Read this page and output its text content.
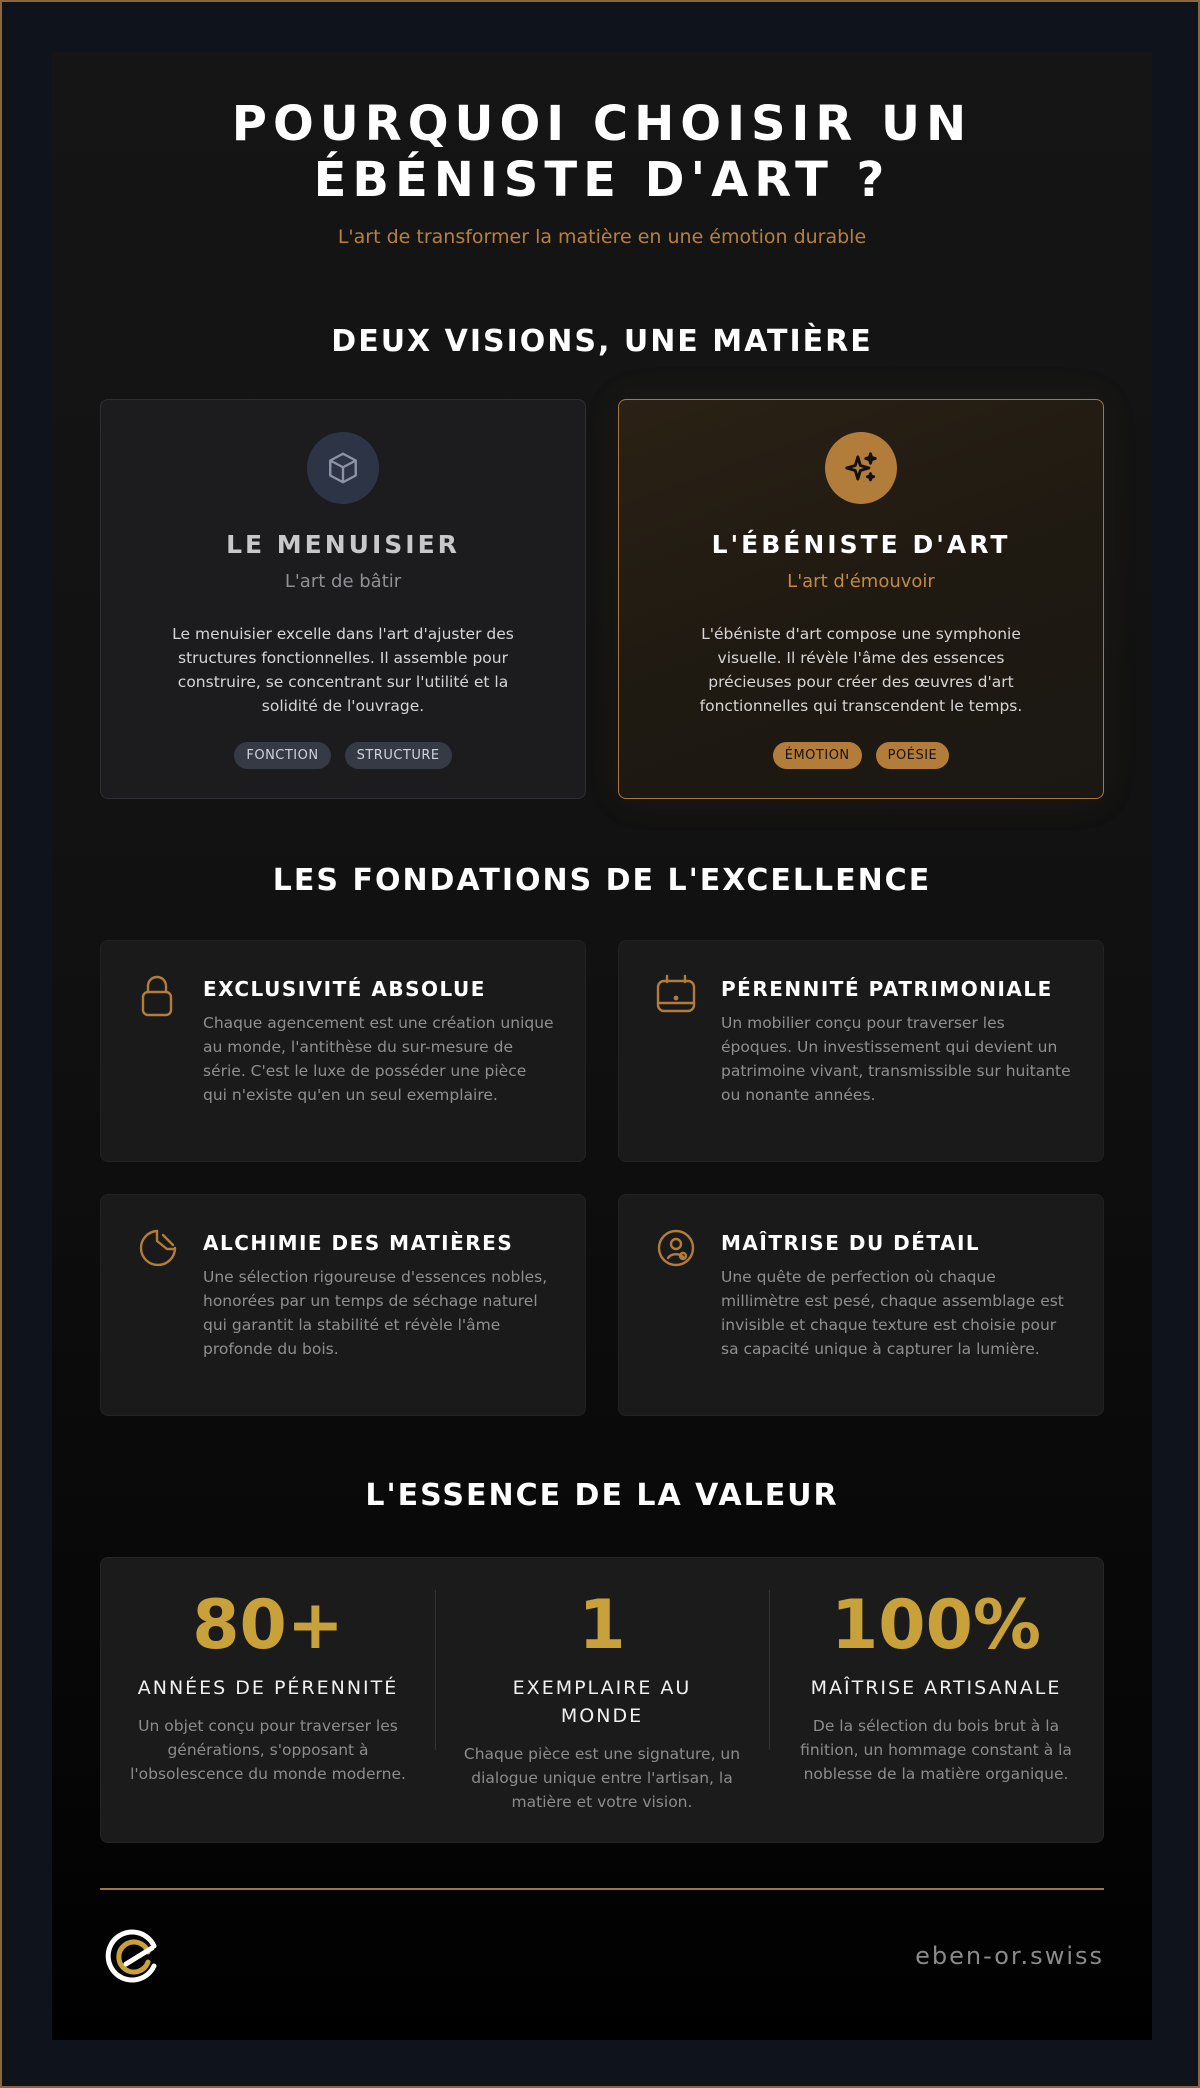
POURQUOI CHOISIR UN ÉBÉNISTE D'ART ?
L'art de transformer la matière en une émotion durable
DEUX VISIONS, UNE MATIÈRE
LE MENUISIER
L'art de bâtir

Le menuisier excelle dans l'art d'ajuster des structures fonctionnelles. Il assemble pour construire, se concentrant sur l'utilité et la solidité de l'ouvrage.

FONCTION	STRUCTURE
L'ÉBÉNISTE D'ART
L'art d'émouvoir

L'ébéniste d'art compose une symphonie visuelle. Il révèle l'âme des essences précieuses pour créer des œuvres d'art fonctionnelles qui transcendent le temps.

ÉMOTION	POÉSIE
LES FONDATIONS DE L'EXCELLENCE
EXCLUSIVITÉ ABSOLUE

Chaque agencement est une création unique au monde, l'antithèse du sur-mesure de série. C'est le luxe de posséder une pièce qui n'existe qu'en un seul exemplaire.

PÉRENNITÉ PATRIMONIALE

Un mobilier conçu pour traverser les époques. Un investissement qui devient un patrimoine vivant, transmissible sur huitante ou nonante années.

ALCHIMIE DES MATIÈRES

Une sélection rigoureuse d'essences nobles, honorées par un temps de séchage naturel qui garantit la stabilité et révèle l'âme profonde du bois.

MAÎTRISE DU DÉTAIL

Une quête de perfection où chaque millimètre est pesé, chaque assemblage est invisible et chaque texture est choisie pour sa capacité unique à capturer la lumière.

L'ESSENCE DE LA VALEUR
80+
ANNÉES DE PÉRENNITÉ
Un objet conçu pour traverser les générations, s'opposant à l'obsolescence du monde moderne.
1
EXEMPLAIRE AU MONDE
Chaque pièce est une signature, un dialogue unique entre l'artisan, la matière et votre vision.
100%
MAÎTRISE ARTISANALE
De la sélection du bois brut à la finition, un hommage constant à la noblesse de la matière organique.
eben-or.swiss
